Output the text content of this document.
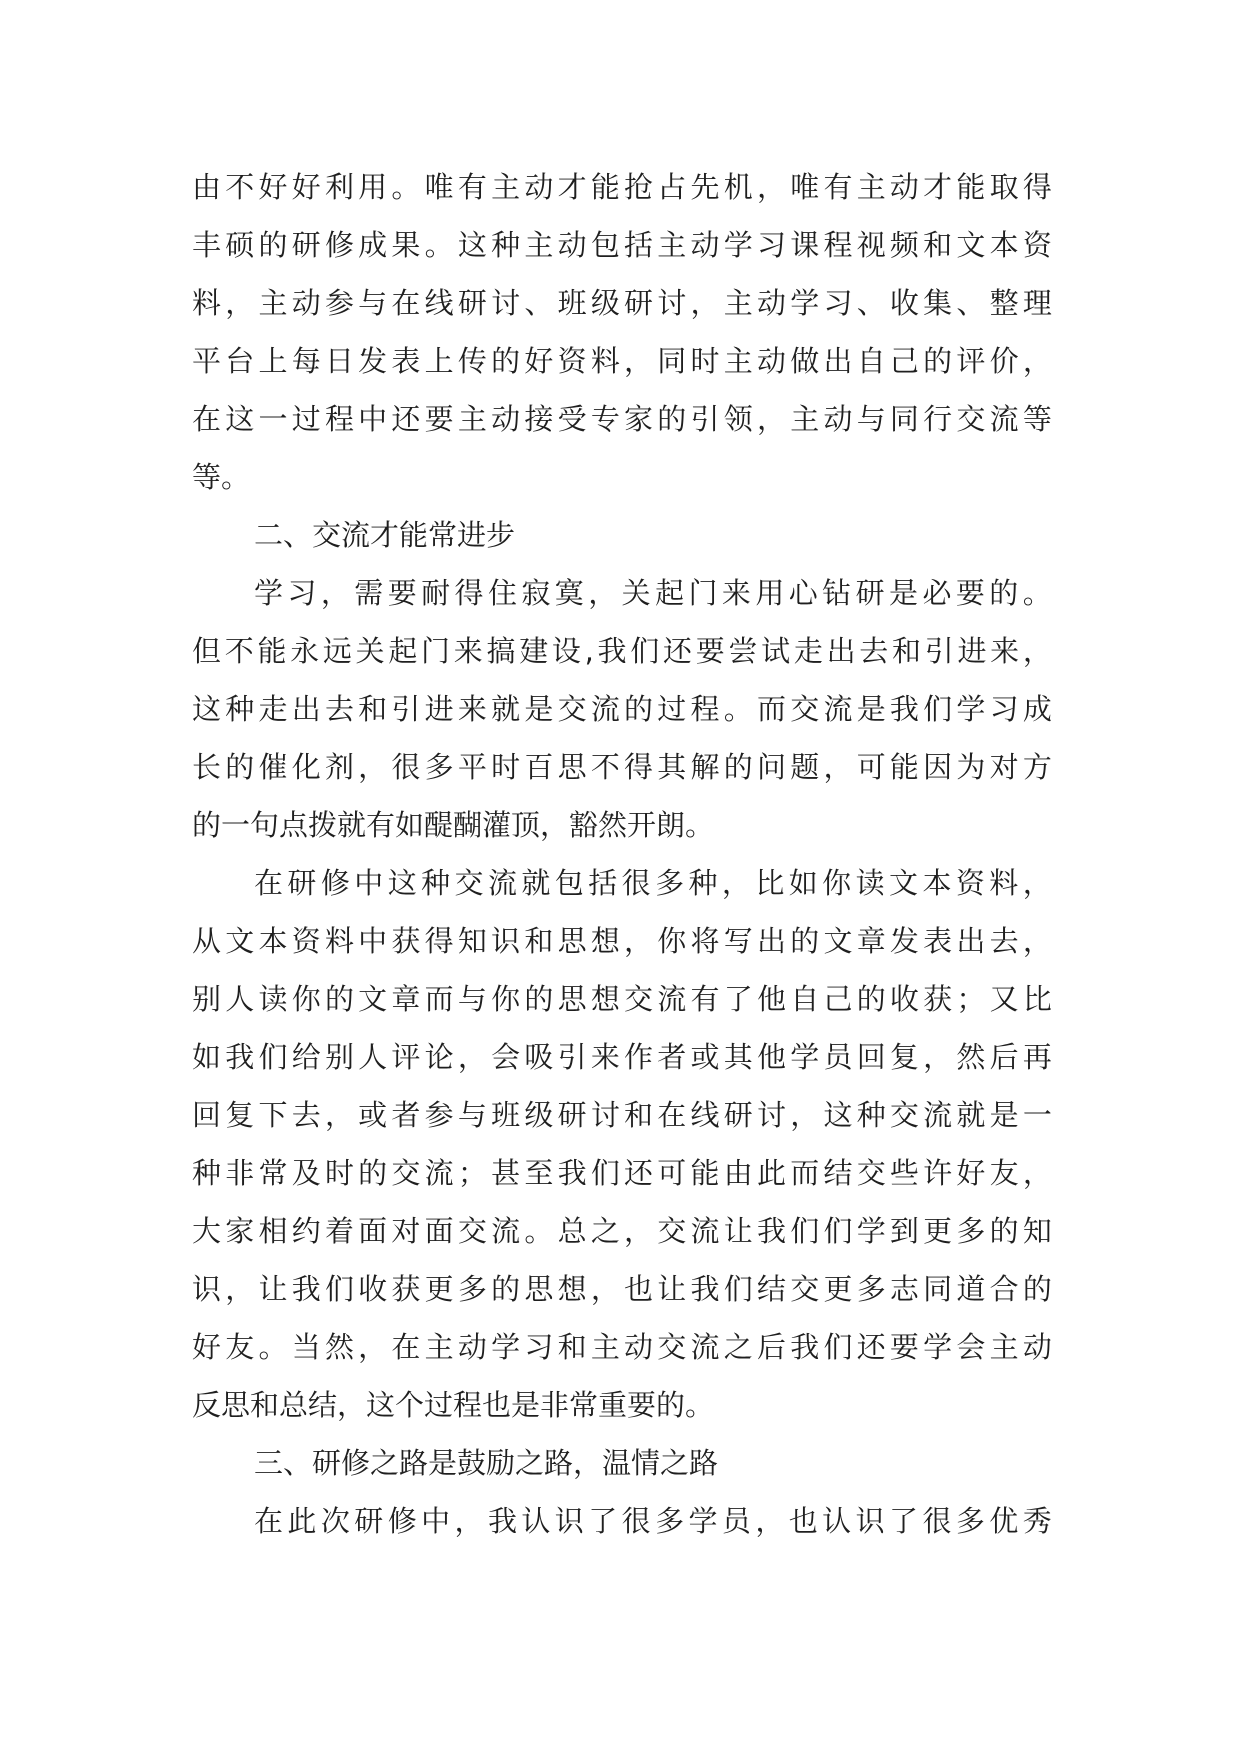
由 不 好 好 利 用 。 唯 有 主 动 才 能 抢 占 先 机 ， 唯 有 主 动 才 能 取 得
丰 硕 的 研 修 成 果 。 这 种 主 动 包 括 主 动 学 习 课 程 视 频 和 文 本 资
料 ， 主 动 参 与 在 线 研 讨 、 班 级 研 讨 ， 主 动 学 习 、 收 集 、 整 理
平 台 上 每 日 发 表 上 传 的 好 资 料 ， 同 时 主 动 做 出 自 己 的 评 价 ，
在 这 一 过 程 中 还 要 主 动 接 受 专 家 的 引 领 ， 主 动 与 同 行 交 流 等
等。
二、交流才能常进步
学 习 ， 需 要 耐 得 住 寂 寞 ， 关 起 门 来 用 心 钻 研 是 必 要 的 。
但 不 能 永 远 关 起 门 来 搞 建 设 , 我 们 还 要 尝 试 走 出 去 和 引 进 来 ，
这 种 走 出 去 和 引 进 来 就 是 交 流 的 过 程 。 而 交 流 是 我 们 学 习 成
长 的 催 化 剂 ， 很 多 平 时 百 思 不 得 其 解 的 问 题 ， 可 能 因 为 对 方
的一句点拨就有如醍醐灌顶，豁然开朗。
在 研 修 中 这 种 交 流 就 包 括 很 多 种 ， 比 如 你 读 文 本 资 料 ，
从 文 本 资 料 中 获 得 知 识 和 思 想 ， 你 将 写 出 的 文 章 发 表 出 去 ，
别 人 读 你 的 文 章 而 与 你 的 思 想 交 流 有 了 他 自 己 的 收 获 ； 又 比
如 我 们 给 别 人 评 论 ， 会 吸 引 来 作 者 或 其 他 学 员 回 复 ， 然 后 再
回 复 下 去 ， 或 者 参 与 班 级 研 讨 和 在 线 研 讨 ， 这 种 交 流 就 是 一
种 非 常 及 时 的 交 流 ； 甚 至 我 们 还 可 能 由 此 而 结 交 些 许 好 友 ，
大 家 相 约 着 面 对 面 交 流 。 总 之 ， 交 流 让 我 们 们 学 到 更 多 的 知
识 ， 让 我 们 收 获 更 多 的 思 想 ， 也 让 我 们 结 交 更 多 志 同 道 合 的
好 友 。 当 然 ， 在 主 动 学 习 和 主 动 交 流 之 后 我 们 还 要 学 会 主 动
反思和总结，这个过程也是非常重要的。
三、研修之路是鼓励之路，温情之路
在 此 次 研 修 中 ， 我 认 识 了 很 多 学 员 ， 也 认 识 了 很 多 优 秀
